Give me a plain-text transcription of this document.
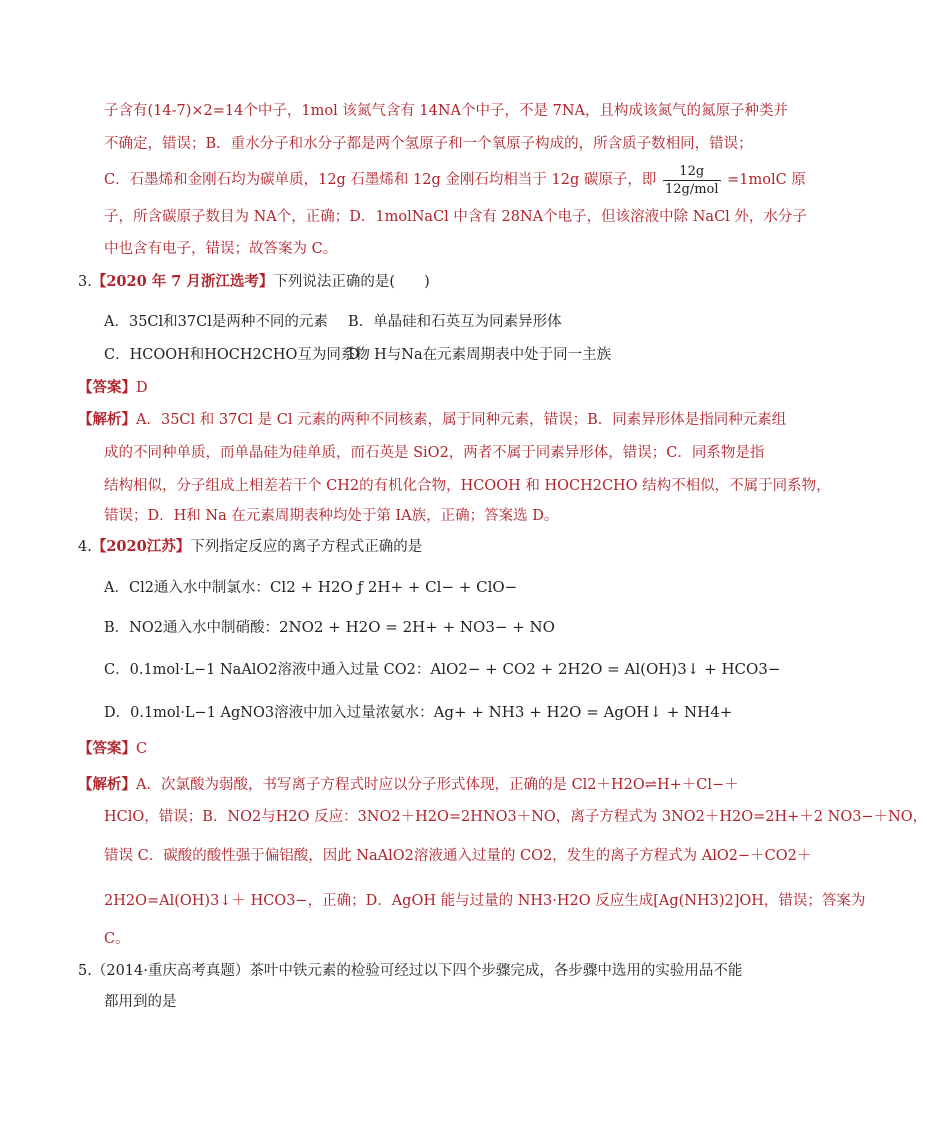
子含有(14-7)×2=14个中子，1mol 该氮气含有 14NA个中子，不是 7NA，且构成该氮气的氮原子种类并
不确定，错误；B．重水分子和水分子都是两个氢原子和一个氧原子构成的，所含质子数相同，错误；
C．石墨烯和金刚石均为碳单质，12g 石墨烯和 12g 金刚石均相当于 12g 碳原子，即 $\frac{12g}{\text{12g/mol}}$ =1molC 原
子，所含碳原子数目为 NA个，正确；D．1molNaCl 中含有 28NA个电子，但该溶液中除 NaCl 外，水分子
中也含有电子，错误；故答案为 C。
3.【2020 年 7 月浙江选考】下列说法正确的是(　　)
A．35Cl和37Cl是两种不同的元素 B．单晶硅和石英互为同素异形体
C．HCOOH和HOCH2CHO互为同系物
D．H与Na在元素周期表中处于同一主族
【答案】D
【解析】A．35Cl 和 37Cl 是 Cl 元素的两种不同核素，属于同种元素，错误；B．同素异形体是指同种元素组
成的不同种单质，而单晶硅为硅单质，而石英是 SiO2，两者不属于同素异形体，错误；C．同系物是指
结构相似，分子组成上相差若干个 CH2的有机化合物，HCOOH 和 HOCH2CHO 结构不相似，不属于同系物，
错误；D．H和 Na 在元素周期表种均处于第 IA族，正确；答案选 D。
4.【2020江苏】下列指定反应的离子方程式正确的是
A．Cl2通入水中制氯水：Cl2 + H2O ƒ 2H+ + Cl− + ClO−
B．NO2通入水中制硝酸：2NO2 + H2O = 2H+ + NO3− + NO
C．0.1mol·L−1 NaAlO2溶液中通入过量 CO2：AlO2− + CO2 + 2H2O = Al(OH)3↓ + HCO3−
D．0.1mol·L−1 AgNO3溶液中加入过量浓氨水：Ag+ + NH3 + H2O = AgOH↓ + NH4+
【答案】C
【解析】A．次氯酸为弱酸，书写离子方程式时应以分子形式体现，正确的是 Cl2＋H2O⇌H+＋Cl−＋
HClO，错误；B．NO2与H2O 反应：3NO2＋H2O=2HNO3＋NO，离子方程式为 3NO2＋H2O=2H+＋2 NO3−＋NO，
错误 C．碳酸的酸性强于偏铝酸，因此 NaAlO2溶液通入过量的 CO2，发生的离子方程式为 AlO2−＋CO2＋
2H2O=Al(OH)3↓＋ HCO3−，正确；D．AgOH 能与过量的 NH3·H2O 反应生成[Ag(NH3)2]OH，错误；答案为
C。
5.（2014·重庆高考真题）茶叶中铁元素的检验可经过以下四个步骤完成，各步骤中选用的实验用品不能
都用到的是
